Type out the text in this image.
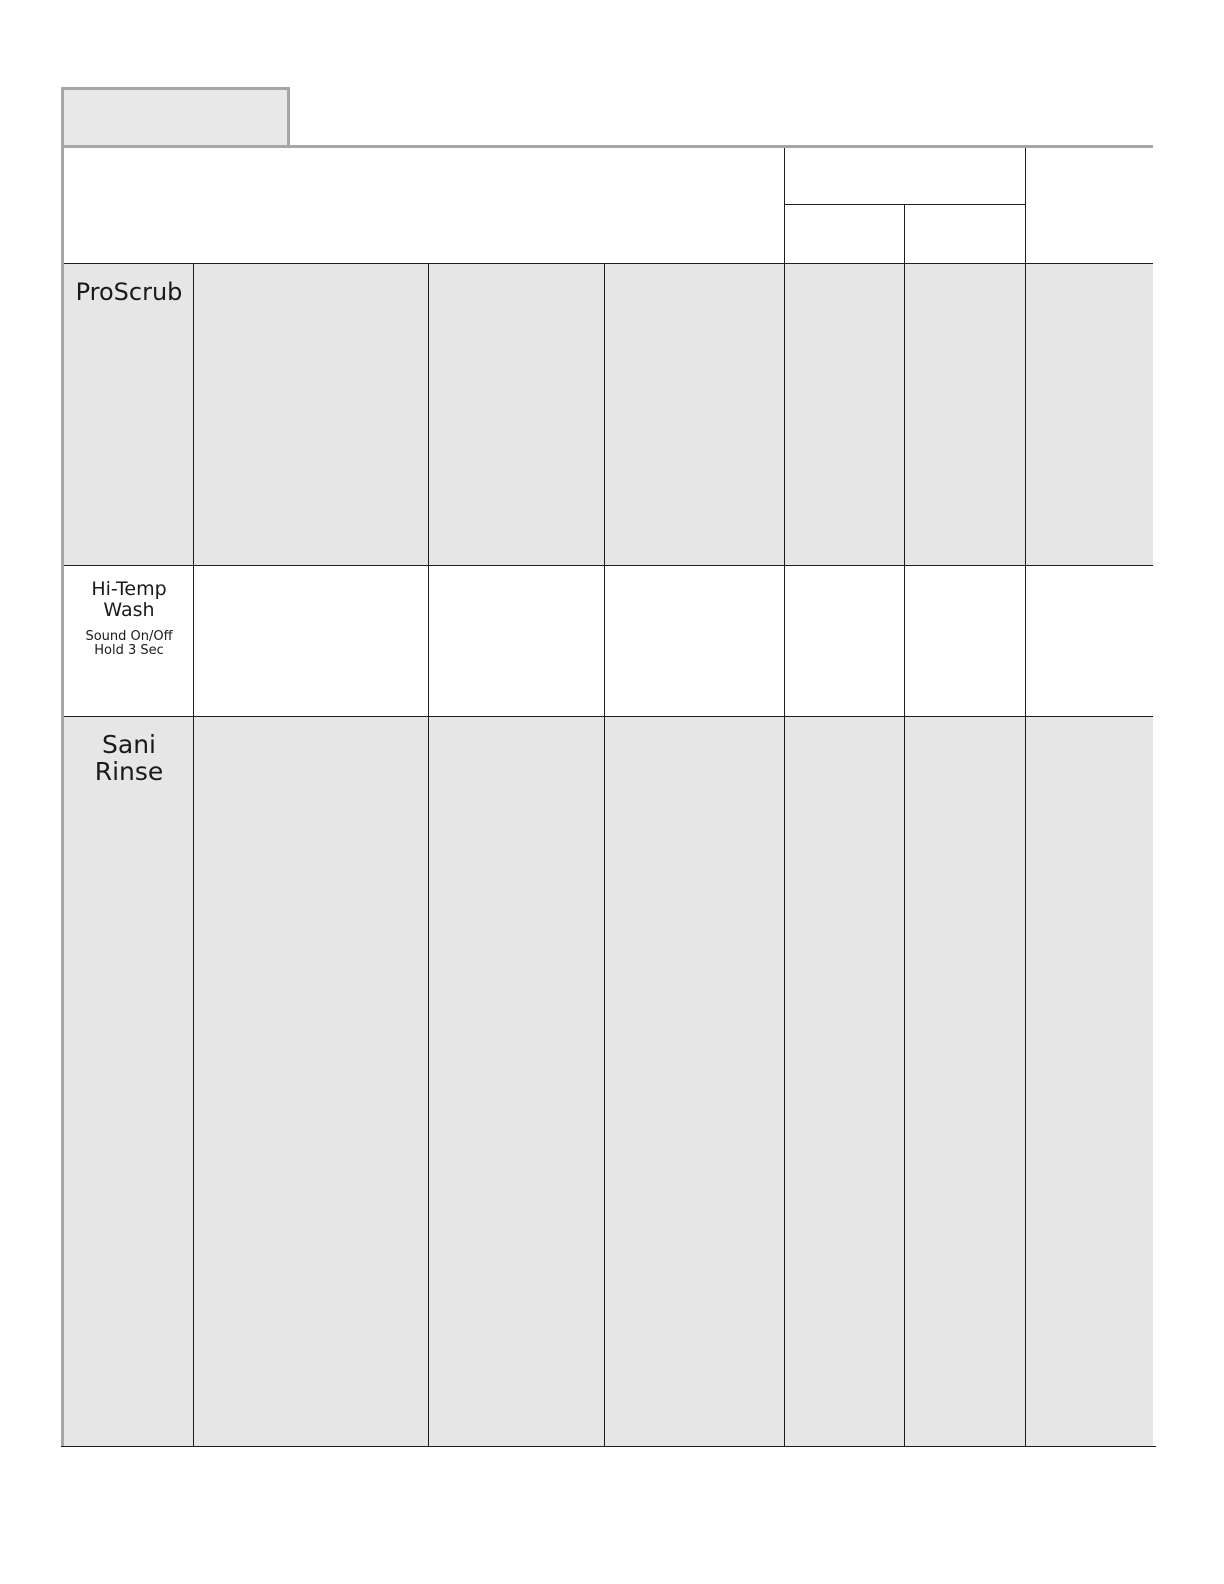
ProScrub
Hi-Temp
Wash
Sound On/Off
Hold 3 Sec
Sani
Rinse
